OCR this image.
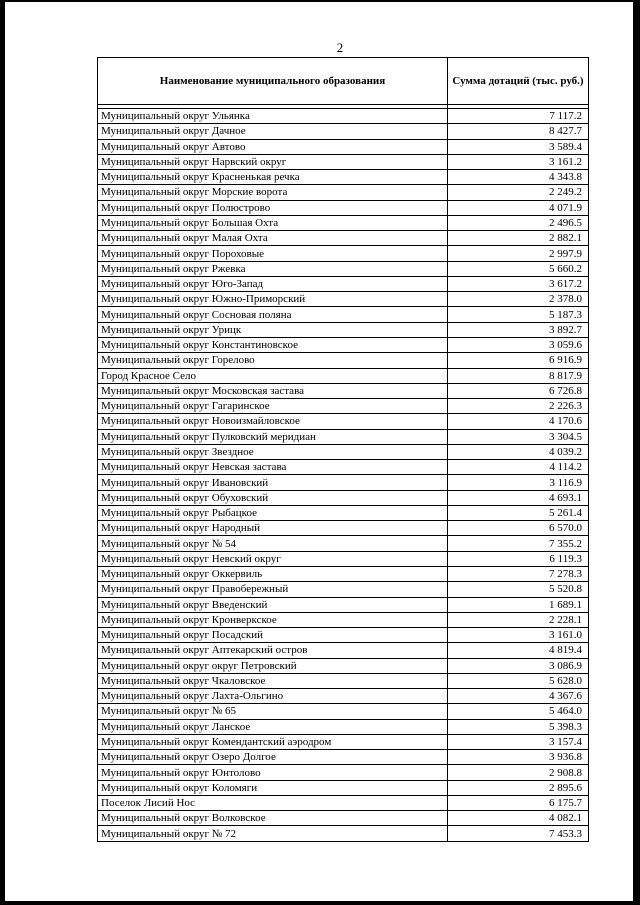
2
Наименование муниципального образования	Сумма дотаций (тыс. руб.)

Муниципальный округ Ульянка	7 117.2
Муниципальный округ Дачное	8 427.7
Муниципальный округ Автово	3 589.4
Муниципальный округ Нарвский округ	3 161.2
Муниципальный округ Красненькая речка	4 343.8
Муниципальный округ Морские ворота	2 249.2
Муниципальный округ Полюстрово	4 071.9
Муниципальный округ Большая Охта	2 496.5
Муниципальный округ Малая Охта	2 882.1
Муниципальный округ Пороховые	2 997.9
Муниципальный округ Ржевка	5 660.2
Муниципальный округ Юго-Запад	3 617.2
Муниципальный округ Южно-Приморский	2 378.0
Муниципальный округ Сосновая поляна	5 187.3
Муниципальный округ Урицк	3 892.7
Муниципальный округ Константиновское	3 059.6
Муниципальный округ Горелово	6 916.9
Город Красное Село	8 817.9
Муниципальный округ Московская застава	6 726.8
Муниципальный округ Гагаринское	2 226.3
Муниципальный округ Новоизмайловское	4 170.6
Муниципальный округ Пулковский меридиан	3 304.5
Муниципальный округ Звездное	4 039.2
Муниципальный округ Невская застава	4 114.2
Муниципальный округ Ивановский	3 116.9
Муниципальный округ Обуховский	4 693.1
Муниципальный округ Рыбацкое	5 261.4
Муниципальный округ Народный	6 570.0
Муниципальный округ № 54	7 355.2
Муниципальный округ Невский округ	6 119.3
Муниципальный округ Оккервиль	7 278.3
Муниципальный округ Правобережный	5 520.8
Муниципальный округ Введенский	1 689.1
Муниципальный округ Кронверкское	2 228.1
Муниципальный округ Посадский	3 161.0
Муниципальный округ Аптекарский остров	4 819.4
Муниципальный округ округ Петровский	3 086.9
Муниципальный округ Чкаловское	5 628.0
Муниципальный округ Лахта-Ольгино	4 367.6
Муниципальный округ № 65	5 464.0
Муниципальный округ Ланское	5 398.3
Муниципальный округ Комендантский аэродром	3 157.4
Муниципальный округ Озеро Долгое	3 936.8
Муниципальный округ Юнтолово	2 908.8
Муниципальный округ Коломяги	2 895.6
Поселок Лисий Нос	6 175.7
Муниципальный округ Волковское	4 082.1
Муниципальный округ № 72	7 453.3
